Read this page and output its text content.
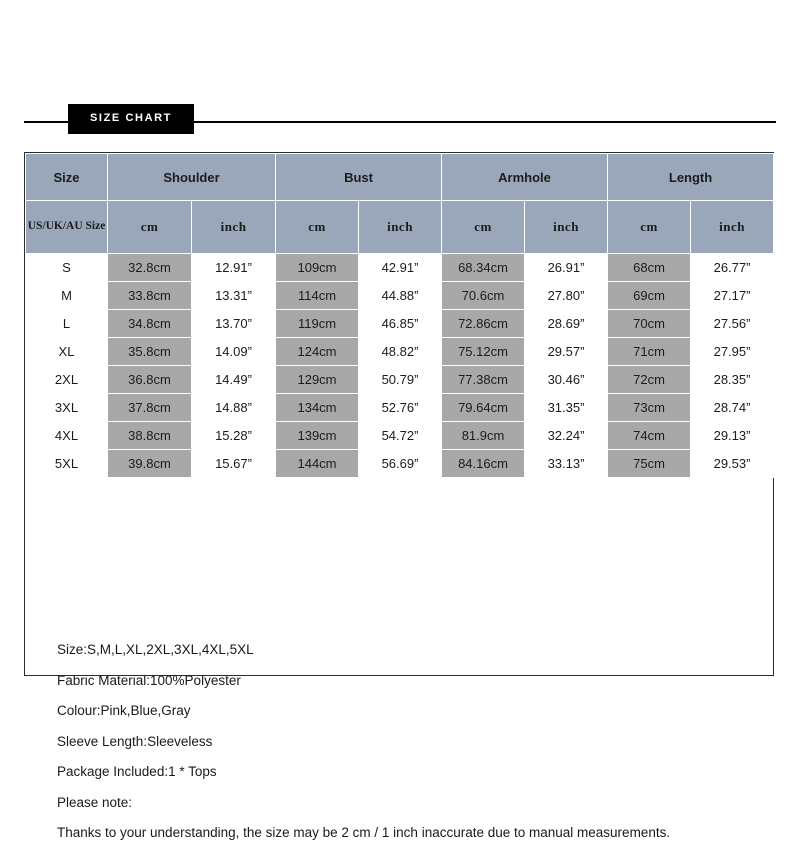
SIZE CHART
Size	Shoulder		Bust		Armhole		Length	
US/UK/AU Size	cm	inch	cm	inch	cm	inch	cm	inch
S	32.8cm	12.91”	109cm	42.91”	68.34cm	26.91”	68cm	26.77”
M	33.8cm	13.31”	114cm	44.88”	70.6cm	27.80”	69cm	27.17”
L	34.8cm	13.70”	119cm	46.85”	72.86cm	28.69”	70cm	27.56”
XL	35.8cm	14.09”	124cm	48.82”	75.12cm	29.57”	71cm	27.95”
2XL	36.8cm	14.49”	129cm	50.79”	77.38cm	30.46”	72cm	28.35”
3XL	37.8cm	14.88”	134cm	52.76”	79.64cm	31.35”	73cm	28.74”
4XL	38.8cm	15.28”	139cm	54.72”	81.9cm	32.24”	74cm	29.13”
5XL	39.8cm	15.67”	144cm	56.69”	84.16cm	33.13”	75cm	29.53”
Size:S,M,L,XL,2XL,3XL,4XL,5XL
Fabric Material:100%Polyester
Colour:Pink,Blue,Gray
Sleeve Length:Sleeveless
Package Included:1 * Tops
Please note:
Thanks to your understanding, the size may be 2 cm / 1 inch inaccurate due to manual measurements.
